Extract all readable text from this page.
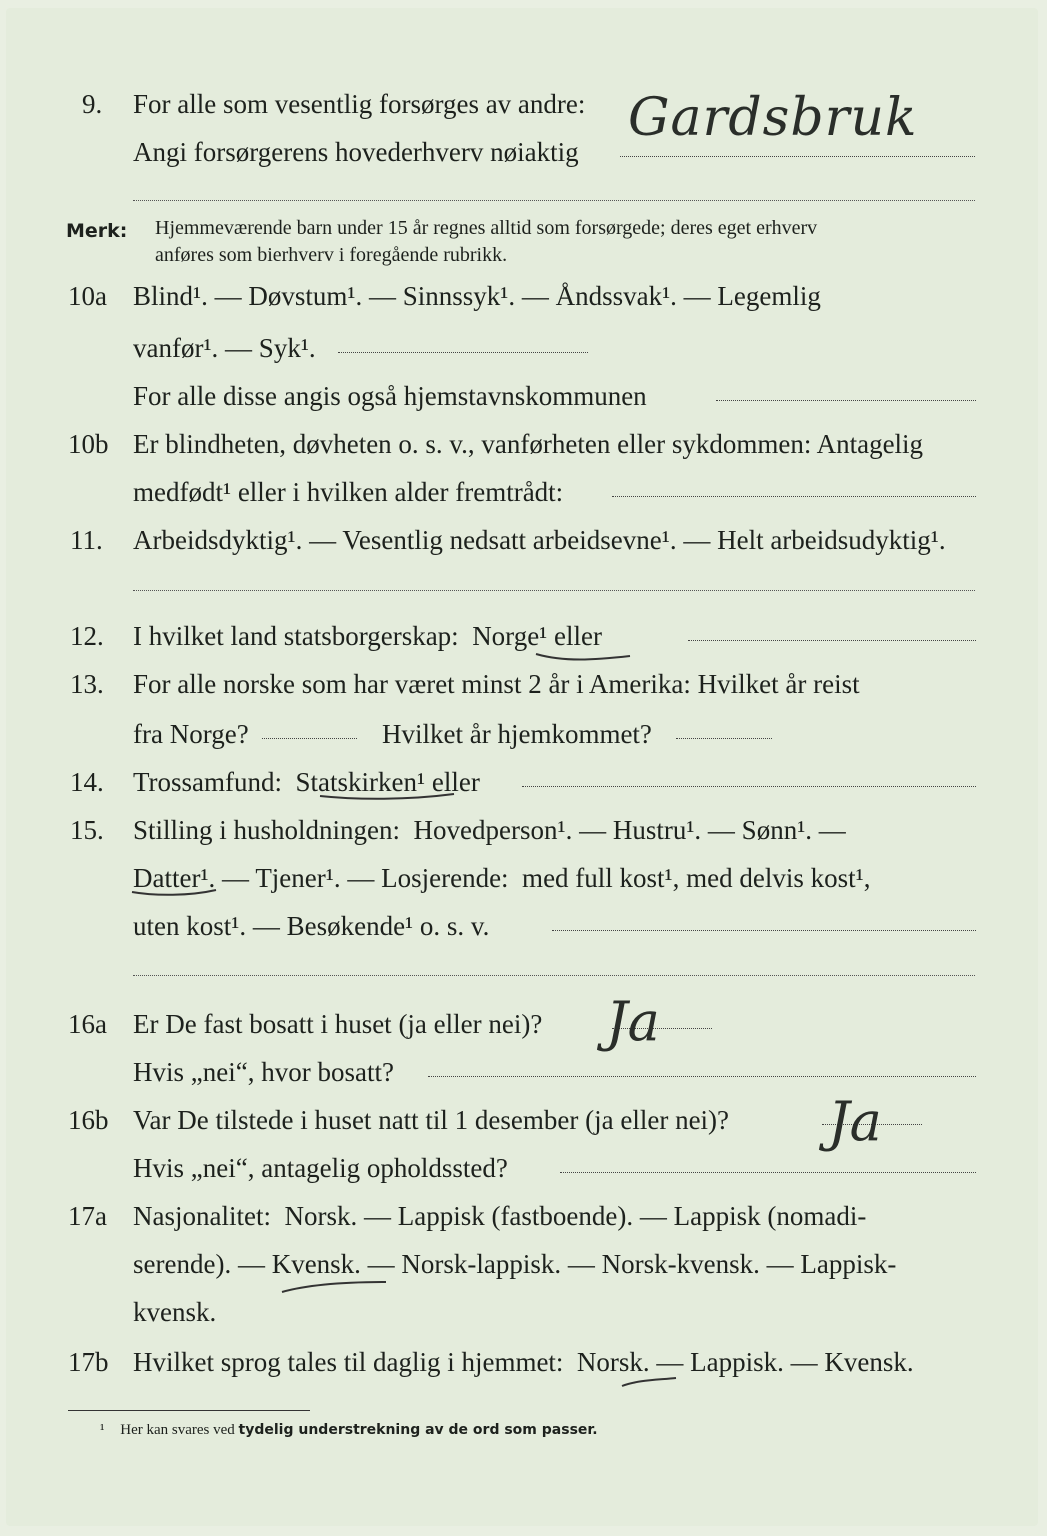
9. For alle som vesentlig forsørges av andre:
Angi forsørgerens hovederhverv nøiaktig
Gardsbruk
Merk: Hjemmeværende barn under 15 år regnes alltid som forsørgede; deres eget erhverv
anføres som bierhverv i foregående rubrikk.
10a Blind¹. — Døvstum¹. — Sinnssyk¹. — Åndssvak¹. — Legemlig
vanfør¹. — Syk¹.
For alle disse angis også hjemstavnskommunen
10b Er blindheten, døvheten o. s. v., vanførheten eller sykdommen: Antagelig
medfødt¹ eller i hvilken alder fremtrådt:
11. Arbeidsdyktig¹. — Vesentlig nedsatt arbeidsevne¹. — Helt arbeidsudyktig¹.
12. I hvilket land statsborgerskap:  Norge¹ eller
13. For alle norske som har været minst 2 år i Amerika: Hvilket år reist
fra Norge?	Hvilket år hjemkommet?
14. Trossamfund:  Statskirken¹ eller
15. Stilling i husholdningen:  Hovedperson¹. — Hustru¹. — Sønn¹. —
Datter¹. — Tjener¹. — Losjerende:  med full kost¹, med delvis kost¹,
uten kost¹. — Besøkende¹ o. s. v.
16a Er De fast bosatt i huset (ja eller nei)? Ja
Hvis „nei“, hvor bosatt?
16b Var De tilstede i huset natt til 1 desember (ja eller nei)? Ja
Hvis „nei“, antagelig opholdssted?
17a Nasjonalitet:  Norsk. — Lappisk (fastboende). — Lappisk (nomadi-
serende). — Kvensk. — Norsk-lappisk. — Norsk-kvensk. — Lappisk-
kvensk.
17b Hvilket sprog tales til daglig i hjemmet:  Norsk. — Lappisk. — Kvensk.
¹ Her kan svares ved tydelig understrekning av de ord som passer.
